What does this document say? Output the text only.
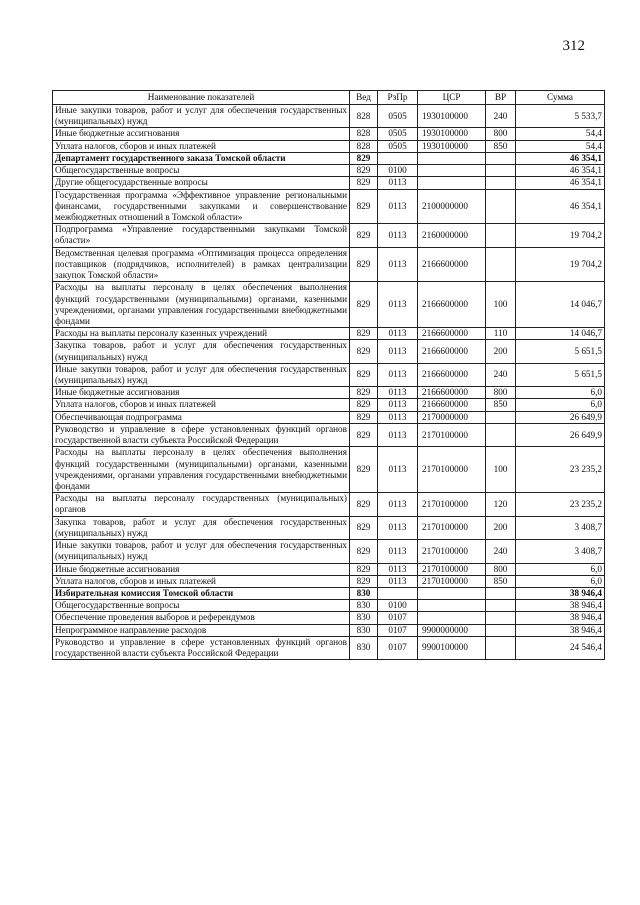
312
Наименование показателей	Вед	РзПр	ЦСР	ВР	Сумма
Иные закупки товаров, работ и услуг для обеспечения государственных (муниципальных) нужд	828	0505	1930100000	240	5 533,7
Иные бюджетные ассигнования	828	0505	1930100000	800	54,4
Уплата налогов, сборов и иных платежей	828	0505	1930100000	850	54,4
Департамент государственного заказа Томской области	829				46 354,1
Общегосударственные вопросы	829	0100			46 354,1
Другие общегосударственные вопросы	829	0113			46 354,1
Государственная программа «Эффективное управление региональными финансами, государственными закупками и совершенствование межбюджетных отношений в Томской области»	829	0113	2100000000		46 354,1
Подпрограмма «Управление государственными закупками Томской области»	829	0113	2160000000		19 704,2
Ведомственная целевая программа «Оптимизация процесса определения поставщиков (подрядчиков, исполнителей) в рамках централизации закупок Томской области»	829	0113	2166600000		19 704,2
Расходы на выплаты персоналу в целях обеспечения выполнения функций государственными (муниципальными) органами, казенными учреждениями, органами управления государственными внебюджетными фондами	829	0113	2166600000	100	14 046,7
Расходы на выплаты персоналу казенных учреждений	829	0113	2166600000	110	14 046,7
Закупка товаров, работ и услуг для обеспечения государственных (муниципальных) нужд	829	0113	2166600000	200	5 651,5
Иные закупки товаров, работ и услуг для обеспечения государственных (муниципальных) нужд	829	0113	2166600000	240	5 651,5
Иные бюджетные ассигнования	829	0113	2166600000	800	6,0
Уплата налогов, сборов и иных платежей	829	0113	2166600000	850	6,0
Обеспечивающая подпрограмма	829	0113	2170000000		26 649,9
Руководство и управление в сфере установленных функций органов государственной власти субъекта Российской Федерации	829	0113	2170100000		26 649,9
Расходы на выплаты персоналу в целях обеспечения выполнения функций государственными (муниципальными) органами, казенными учреждениями, органами управления государственными внебюджетными фондами	829	0113	2170100000	100	23 235,2
Расходы на выплаты персоналу государственных (муниципальных) органов	829	0113	2170100000	120	23 235,2
Закупка товаров, работ и услуг для обеспечения государственных (муниципальных) нужд	829	0113	2170100000	200	3 408,7
Иные закупки товаров, работ и услуг для обеспечения государственных (муниципальных) нужд	829	0113	2170100000	240	3 408,7
Иные бюджетные ассигнования	829	0113	2170100000	800	6,0
Уплата налогов, сборов и иных платежей	829	0113	2170100000	850	6,0
Избирательная комиссия Томской области	830				38 946,4
Общегосударственные вопросы	830	0100			38 946,4
Обеспечение проведения выборов и референдумов	830	0107			38 946,4
Непрограммное направление расходов	830	0107	9900000000		38 946,4
Руководство и управление в сфере установленных функций органов государственной власти субъекта Российской Федерации	830	0107	9900100000		24 546,4
